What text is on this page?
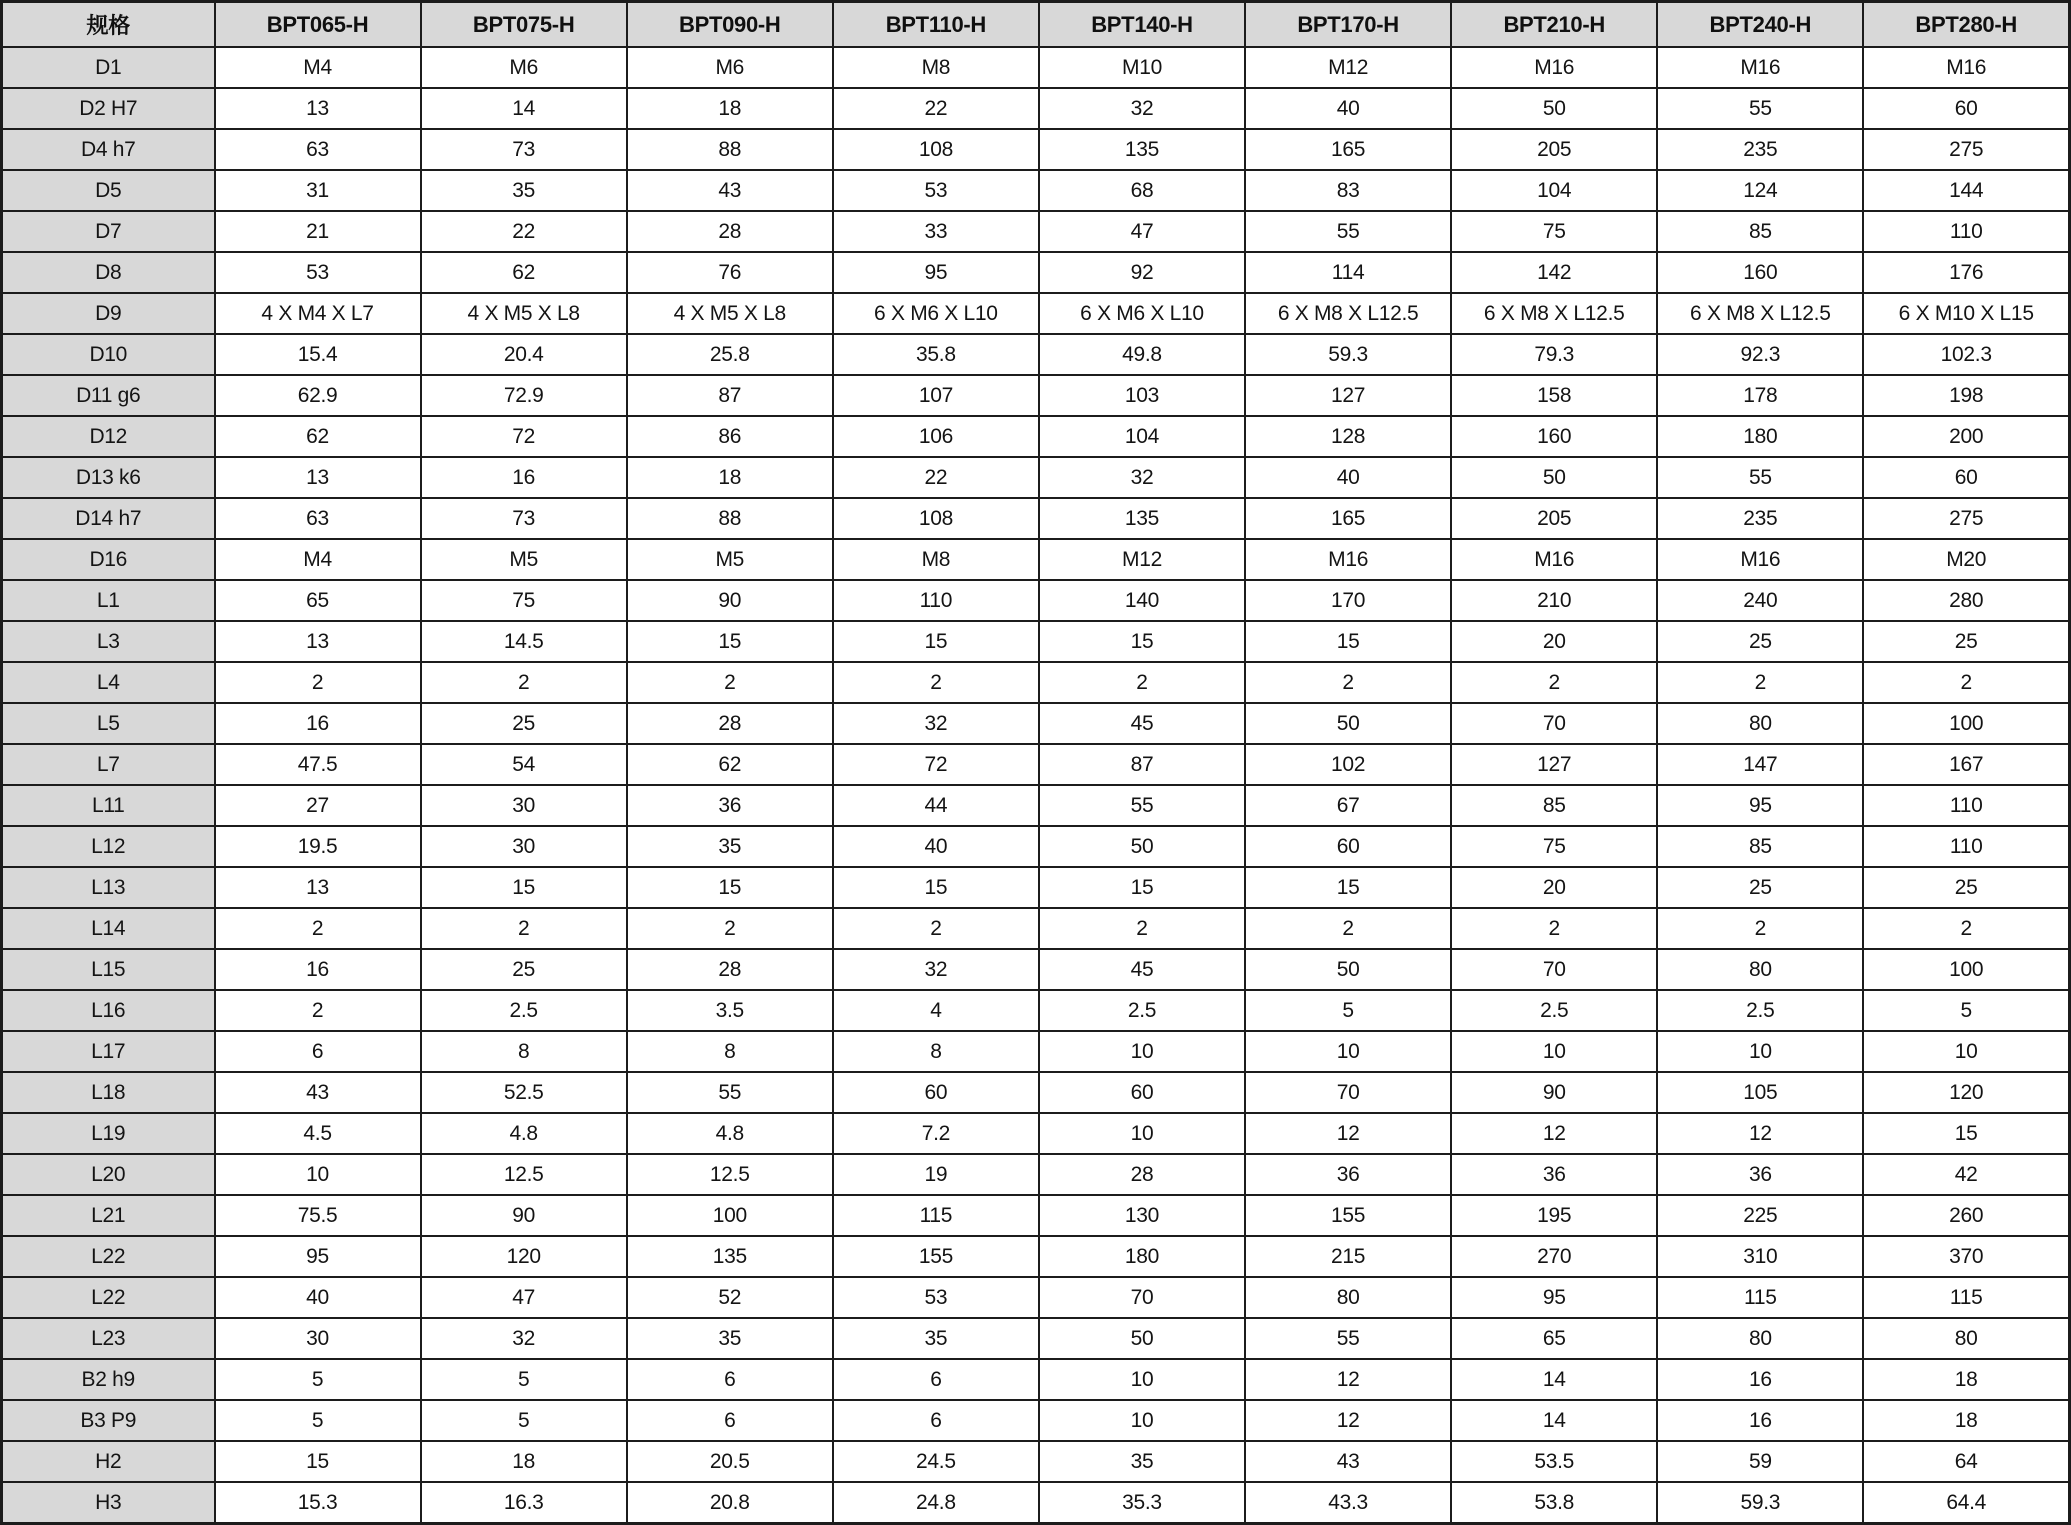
规格	BPT065-H	BPT075-H	BPT090-H	BPT110-H	BPT140-H	BPT170-H	BPT210-H	BPT240-H	BPT280-H
D1	M4	M6	M6	M8	M10	M12	M16	M16	M16
D2 H7	13	14	18	22	32	40	50	55	60
D4 h7	63	73	88	108	135	165	205	235	275
D5	31	35	43	53	68	83	104	124	144
D7	21	22	28	33	47	55	75	85	110
D8	53	62	76	95	92	114	142	160	176
D9	4 X M4 X L7	4 X M5 X L8	4 X M5 X L8	6 X M6 X L10	6 X M6 X L10	6 X M8 X L12.5	6 X M8 X L12.5	6 X M8 X L12.5	6 X M10 X L15
D10	15.4	20.4	25.8	35.8	49.8	59.3	79.3	92.3	102.3
D11 g6	62.9	72.9	87	107	103	127	158	178	198
D12	62	72	86	106	104	128	160	180	200
D13 k6	13	16	18	22	32	40	50	55	60
D14 h7	63	73	88	108	135	165	205	235	275
D16	M4	M5	M5	M8	M12	M16	M16	M16	M20
L1	65	75	90	110	140	170	210	240	280
L3	13	14.5	15	15	15	15	20	25	25
L4	2	2	2	2	2	2	2	2	2
L5	16	25	28	32	45	50	70	80	100
L7	47.5	54	62	72	87	102	127	147	167
L11	27	30	36	44	55	67	85	95	110
L12	19.5	30	35	40	50	60	75	85	110
L13	13	15	15	15	15	15	20	25	25
L14	2	2	2	2	2	2	2	2	2
L15	16	25	28	32	45	50	70	80	100
L16	2	2.5	3.5	4	2.5	5	2.5	2.5	5
L17	6	8	8	8	10	10	10	10	10
L18	43	52.5	55	60	60	70	90	105	120
L19	4.5	4.8	4.8	7.2	10	12	12	12	15
L20	10	12.5	12.5	19	28	36	36	36	42
L21	75.5	90	100	115	130	155	195	225	260
L22	95	120	135	155	180	215	270	310	370
L22	40	47	52	53	70	80	95	115	115
L23	30	32	35	35	50	55	65	80	80
B2 h9	5	5	6	6	10	12	14	16	18
B3 P9	5	5	6	6	10	12	14	16	18
H2	15	18	20.5	24.5	35	43	53.5	59	64
H3	15.3	16.3	20.8	24.8	35.3	43.3	53.8	59.3	64.4
